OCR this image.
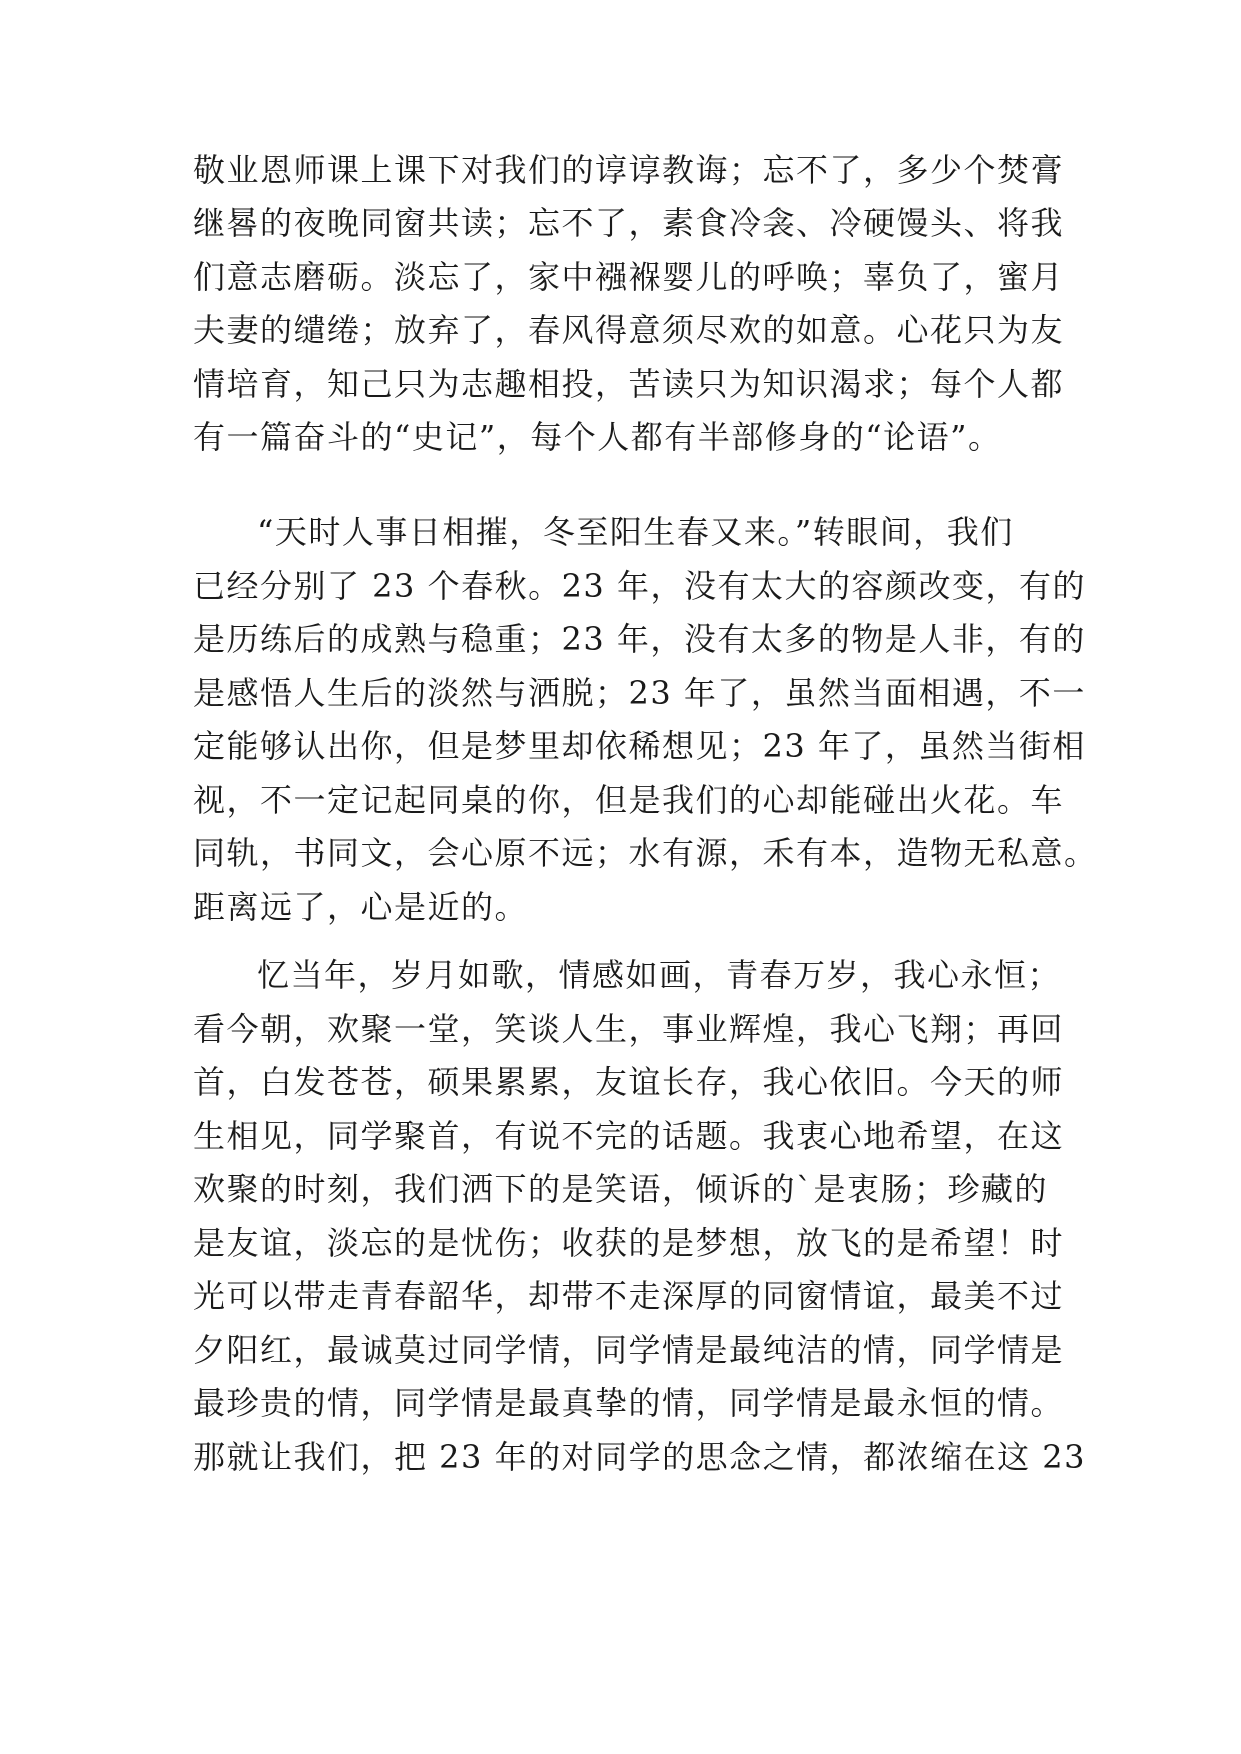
敬业恩师课上课下对我们的谆谆教诲；忘不了，多少个焚膏
继晷的夜晚同窗共读；忘不了，素食冷衾、冷硬馒头、将我
们意志磨砺。淡忘了，家中襁褓婴儿的呼唤；辜负了，蜜月
夫妻的缱绻；放弃了，春风得意须尽欢的如意。心花只为友
情培育，知己只为志趣相投，苦读只为知识渴求；每个人都
有一篇奋斗的“史记”，每个人都有半部修身的“论语”。
“天时人事日相摧，冬至阳生春又来。”转眼间，我们
已经分别了 23 个春秋。23 年，没有太大的容颜改变，有的
是历练后的成熟与稳重；23 年，没有太多的物是人非，有的
是感悟人生后的淡然与洒脱；23 年了，虽然当面相遇，不一
定能够认出你，但是梦里却依稀想见；23 年了，虽然当街相
视，不一定记起同桌的你，但是我们的心却能碰出火花。车
同轨，书同文，会心原不远；水有源，禾有本，造物无私意。
距离远了，心是近的。
忆当年，岁月如歌，情感如画，青春万岁，我心永恒；
看今朝，欢聚一堂，笑谈人生，事业辉煌，我心飞翔；再回
首，白发苍苍，硕果累累，友谊长存，我心依旧。今天的师
生相见，同学聚首，有说不完的话题。我衷心地希望，在这
欢聚的时刻，我们洒下的是笑语，倾诉的`是衷肠；珍藏的
是友谊，淡忘的是忧伤；收获的是梦想，放飞的是希望！时
光可以带走青春韶华，却带不走深厚的同窗情谊，最美不过
夕阳红，最诚莫过同学情，同学情是最纯洁的情，同学情是
最珍贵的情，同学情是最真挚的情，同学情是最永恒的情。
那就让我们，把 23 年的对同学的思念之情，都浓缩在这 23
